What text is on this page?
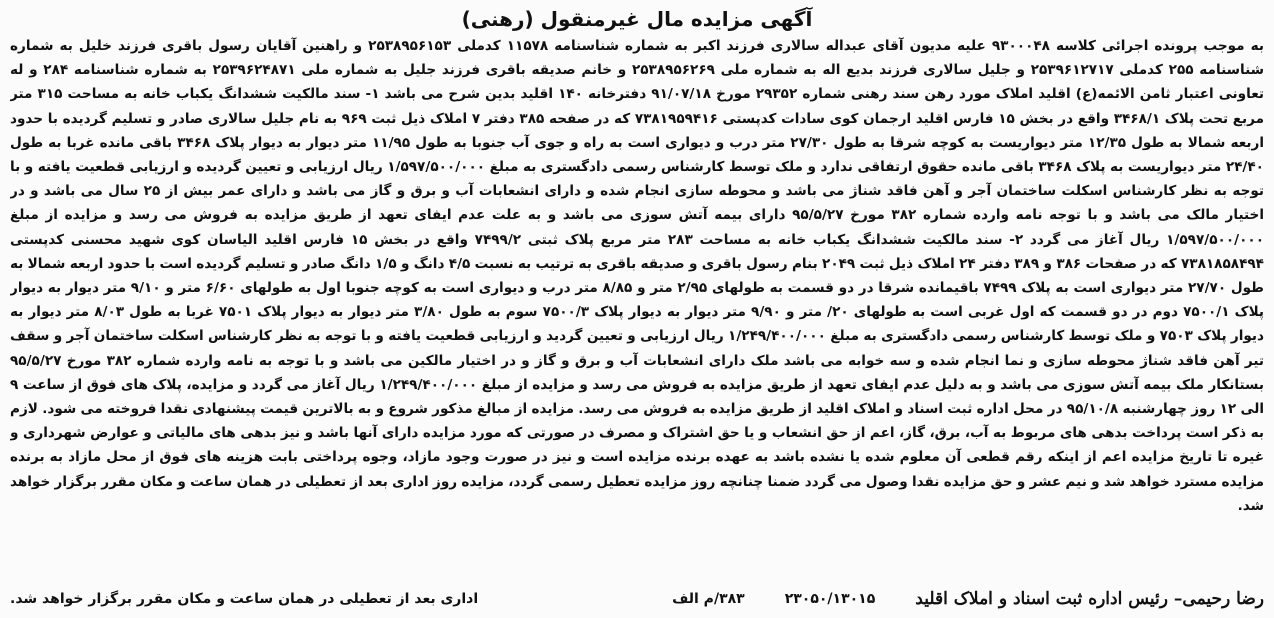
آگهی مزایده مال غیرمنقول (رهنی)
به موجب پرونده اجرائی کلاسه ۹۳۰۰۰۴۸ علیه مدیون آقای عبداله سالاری فرزند اکبر به شماره شناسنامه ۱۱۵۷۸ کدملی ۲۵۳۸۹۵۶۱۵۳ و راهنین آقایان رسول باقری فرزند خلیل به شماره شناسنامه ۲۵۵ کدملی ۲۵۳۹۶۱۲۷۱۷ و جلیل سالاری فرزند بدیع اله به شماره ملی ۲۵۳۸۹۵۶۲۶۹ و خانم صدیقه باقری فرزند جلیل به شماره ملی ۲۵۳۹۶۲۴۸۷۱ به شماره شناسنامه ۲۸۴ و له تعاونی اعتبار ثامن الائمه(ع) اقلید املاک مورد رهن سند رهنی شماره ۲۹۳۵۲ مورخ ۹۱/۰۷/۱۸ دفترخانه ۱۴۰ اقلید بدین شرح می باشد ۱- سند مالکیت ششدانگ یکباب خانه به مساحت ۳۱۵ متر مربع تحت پلاک ۳۴۶۸/۱ واقع در بخش ۱۵ فارس اقلید ارجمان کوی سادات کدپستی ۷۳۸۱۹۵۹۴۱۶ که در صفحه ۳۸۵ دفتر ۷ املاک ذیل ثبت ۹۶۹ به نام جلیل سالاری صادر و تسلیم گردیده با حدود اربعه شمالا به طول ۱۲/۳۵ متر دیواریست به کوچه شرقا به طول ۲۷/۳۰ متر درب و دیواری است به راه و جوی آب جنوبا به طول ۱۱/۹۵ متر دیوار به دیوار پلاک ۳۴۶۸ باقی مانده غربا به طول ۲۴/۴۰ متر دیواریست به پلاک ۳۴۶۸ باقی مانده حقوق ارتفاقی ندارد و ملک توسط کارشناس رسمی دادگستری به مبلغ ۱/۵۹۷/۵۰۰/۰۰۰ ریال ارزیابی و تعیین گردیده و ارزیابی قطعیت یافته و با توجه به نظر کارشناس اسکلت ساختمان آجر و آهن فاقد شناژ می باشد و محوطه سازی انجام شده و دارای انشعابات آب و برق و گاز می باشد و دارای عمر بیش از ۲۵ سال می باشد و در اختیار مالک می باشد و با توجه نامه وارده شماره ۳۸۲ مورخ ۹۵/۵/۲۷ دارای بیمه آتش سوزی می باشد و به علت عدم ایفای تعهد از طریق مزایده به فروش می رسد و مزایده از مبلغ ۱/۵۹۷/۵۰۰/۰۰۰ ریال آغاز می گردد ۲- سند مالکیت ششدانگ یکباب خانه به مساحت ۲۸۳ متر مربع پلاک ثبتی ۷۴۹۹/۲ واقع در بخش ۱۵ فارس اقلید الیاسان کوی شهید محسنی کدپستی ۷۳۸۱۸۵۸۴۹۴ که در صفحات ۳۸۶ و ۳۸۹ دفتر ۲۴ املاک ذیل ثبت ۲۰۴۹ بنام رسول باقری و صدیقه باقری به ترتیب به نسبت ۴/۵ دانگ و ۱/۵ دانگ صادر و تسلیم گردیده است با حدود اربعه شمالا به طول ۲۷/۷۰ متر دیواری است به پلاک ۷۴۹۹ باقیمانده شرقا در دو قسمت به طولهای ۲/۹۵ متر و ۸/۸۵ متر درب و دیواری است به کوچه جنوبا اول به طولهای ۶/۶۰ متر و ۹/۱۰ متر دیوار به دیوار پلاک ۷۵۰۰/۱ دوم در دو قسمت که اول غربی است به طولهای ۲۰/ متر و ۹/۹۰ متر دیوار به دیوار پلاک ۷۵۰۰/۳ سوم به طول ۳/۸۰ متر دیوار به دیوار پلاک ۷۵۰۱ غربا به طول ۸/۰۳ متر دیوار به دیوار پلاک ۷۵۰۳ و ملک توسط کارشناس رسمی دادگستری به مبلغ ۱/۲۴۹/۴۰۰/۰۰۰ ریال ارزیابی و تعیین گردید و ارزیابی قطعیت یافته و با توجه به نظر کارشناس اسکلت ساختمان آجر و سقف تیر آهن فاقد شناژ محوطه سازی و نما انجام شده و سه خوابه می باشد ملک دارای انشعابات آب و برق و گاز و در اختیار مالکین می باشد و با توجه به نامه وارده شماره ۳۸۲ مورخ ۹۵/۵/۲۷ بستانکار ملک بیمه آتش سوزی می باشد و به دلیل عدم ایفای تعهد از طریق مزایده به فروش می رسد و مزایده از مبلغ ۱/۲۴۹/۴۰۰/۰۰۰ ریال آغاز می گردد و مزایده، پلاک های فوق از ساعت ۹ الی ۱۲ روز چهارشنبه ۹۵/۱۰/۸ در محل اداره ثبت اسناد و املاک اقلید از طریق مزایده به فروش می رسد. مزایده از مبالغ مذکور شروع و به بالاترین قیمت پیشنهادی نقدا فروخته می شود. لازم به ذکر است پرداخت بدهی های مربوط به آب، برق، گاز، اعم از حق انشعاب و یا حق اشتراک و مصرف در صورتی که مورد مزایده دارای آنها باشد و نیز بدهی های مالیاتی و عوارض شهرداری و غیره تا تاریخ مزایده اعم از اینکه رقم قطعی آن معلوم شده یا نشده باشد به عهده برنده مزایده است و نیز در صورت وجود مازاد، وجوه پرداختی بابت هزینه های فوق از محل مازاد به برنده مزایده مسترد خواهد شد و نیم عشر و حق مزایده نقدا وصول می گردد ضمنا چنانچه روز مزایده تعطیل رسمی گردد، مزایده روز اداری بعد از تعطیلی در همان ساعت و مکان مقرر برگزار خواهد شد.
رضا رحیمی– رئیس اداره ثبت اسناد و املاک اقلید
۲۳۰۵۰/۱۳۰۱۵
۳۸۳/م الف
اداری بعد از تعطیلی در همان ساعت و مکان مقرر برگزار خواهد شد.
